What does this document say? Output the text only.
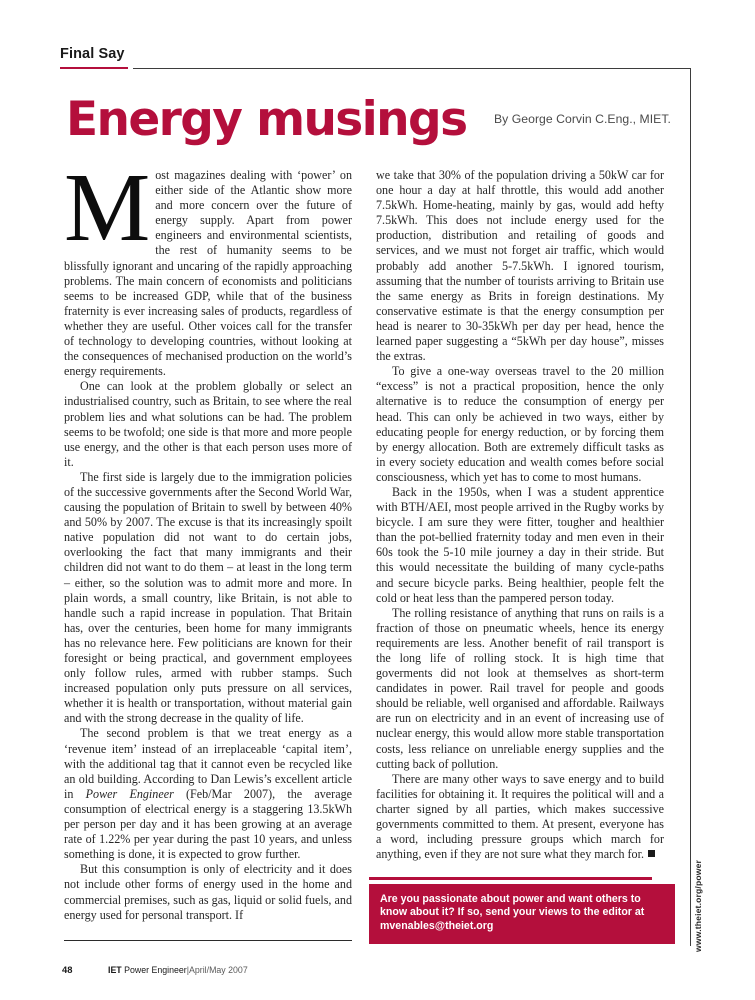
Final Say
Energy musings By George Corvin C.Eng., MIET.

Most magazines dealing with ‘power’ on either side of the Atlantic show more and more concern over the future of energy supply. Apart from power engineers and environmental scientists, the rest of humanity seems to be blissfully ignorant and uncaring of the rapidly approaching problems. The main concern of economists and politicians seems to be increased GDP, while that of the business fraternity is ever increasing sales of products, regardless of whether they are useful. Other voices call for the transfer of technology to developing countries, without looking at the consequences of mechanised production on the world’s energy requirements.

One can look at the problem globally or select an industrialised country, such as Britain, to see where the real problem lies and what solutions can be had. The problem seems to be twofold; one side is that more and more people use energy, and the other is that each person uses more of it.

The first side is largely due to the immigration policies of the successive governments after the Second World War, causing the population of Britain to swell by between 40% and 50% by 2007. The excuse is that its increasingly spoilt native population did not want to do certain jobs, overlooking the fact that many immigrants and their children did not want to do them – at least in the long term – either, so the solution was to admit more and more. In plain words, a small country, like Britain, is not able to handle such a rapid increase in population. That Britain has, over the centuries, been home for many immigrants has no relevance here. Few politicians are known for their foresight or being practical, and government employees only follow rules, armed with rubber stamps. Such increased population only puts pressure on all services, whether it is health or transportation, without material gain and with the strong decrease in the quality of life.

The second problem is that we treat energy as a ‘revenue item’ instead of an irreplaceable ‘capital item’, with the additional tag that it cannot even be recycled like an old building. According to Dan Lewis’s excellent article in Power Engineer (Feb/Mar 2007), the average consumption of electrical energy is a staggering 13.5kWh per person per day and it has been growing at an average rate of 1.22% per year during the past 10 years, and unless something is done, it is expected to grow further.

But this consumption is only of electricity and it does not include other forms of energy used in the home and commercial premises, such as gas, liquid or solid fuels, and energy used for personal transport. If

we take that 30% of the population driving a 50kW car for one hour a day at half throttle, this would add another 7.5kWh. Home-heating, mainly by gas, would add hefty 7.5kWh. This does not include energy used for the production, distribution and retailing of goods and services, and we must not forget air traffic, which would probably add another 5-7.5kWh. I ignored tourism, assuming that the number of tourists arriving to Britain use the same energy as Brits in foreign destinations. My conservative estimate is that the energy consumption per head is nearer to 30-35kWh per day per head, hence the learned paper suggesting a “5kWh per day house”, misses the extras.

To give a one-way overseas travel to the 20 million “excess” is not a practical proposition, hence the only alternative is to reduce the consumption of energy per head. This can only be achieved in two ways, either by educating people for energy reduction, or by forcing them by energy allocation. Both are extremely difficult tasks as in every society education and wealth comes before social consciousness, which yet has to come to most humans.

Back in the 1950s, when I was a student apprentice with BTH/AEI, most people arrived in the Rugby works by bicycle. I am sure they were fitter, tougher and healthier than the pot-bellied fraternity today and men even in their 60s took the 5-10 mile journey a day in their stride. But this would necessitate the building of many cycle-paths and secure bicycle parks. Being healthier, people felt the cold or heat less than the pampered person today.

The rolling resistance of anything that runs on rails is a fraction of those on pneumatic wheels, hence its energy requirements are less. Another benefit of rail transport is the long life of rolling stock. It is high time that goverments did not look at themselves as short-term candidates in power. Rail travel for people and goods should be reliable, well organised and affordable. Railways are run on electricity and in an event of increasing use of nuclear energy, this would allow more stable transportation costs, less reliance on unreliable energy supplies and the cutting back of pollution.

There are many other ways to save energy and to build facilities for obtaining it. It requires the political will and a charter signed by all parties, which makes successive governments committed to them. At present, everyone has a word, including pressure groups which march for anything, even if they are not sure what they march for.

Are you passionate about power and want others to know about it? If so, send your views to the editor at mvenables@theiet.org	www.theiet.org/power
48	IET Power Engineer | April/May 2007
